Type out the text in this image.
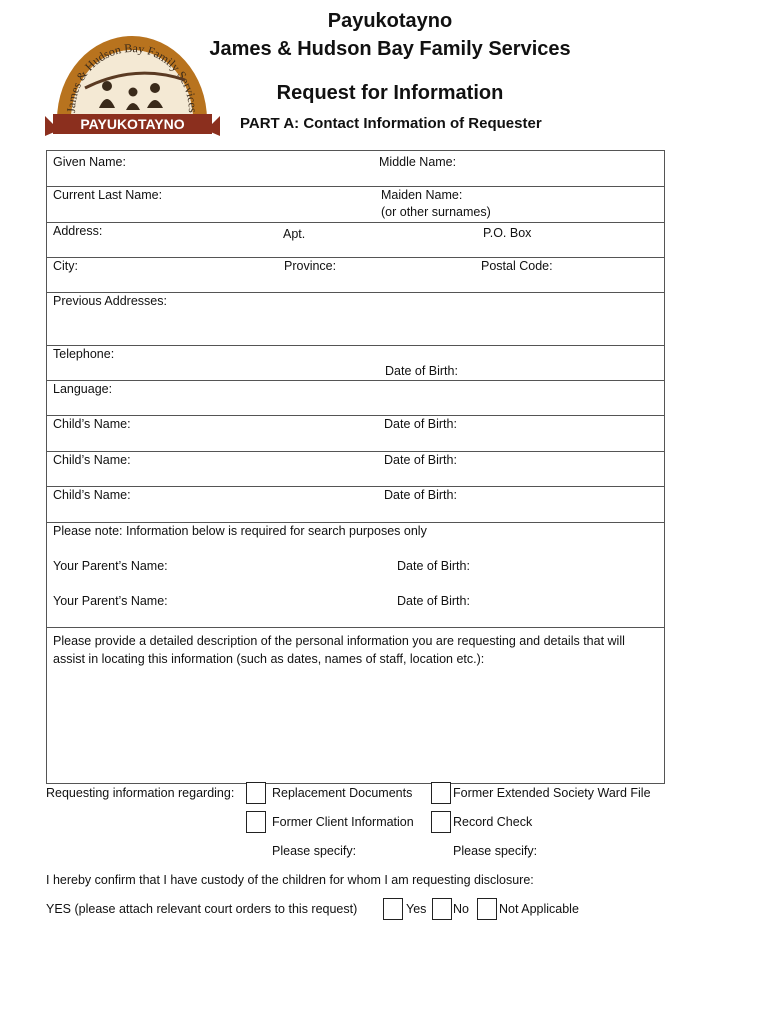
James & Hudson Bay Family Services
PAYUKOTAYNO
Payukotayno
James & Hudson Bay Family Services
Request for Information
PART A: Contact Information of Requester
Given Name:	Middle Name:
Current Last Name:	Maiden Name:
(or other surnames)
Address:	Apt.	P.O. Box
City:	Province:	Postal Code:
Previous Addresses:
Telephone:
Date of Birth:
Language:
Child’s Name:	Date of Birth:
Child’s Name:	Date of Birth:
Child’s Name:	Date of Birth:
Please note: Information below is required for search purposes only
Your Parent’s Name:	Date of Birth:
Your Parent’s Name:	Date of Birth:
Please provide a detailed description of the personal information you are requesting and details that will assist in locating this information (such as dates, names of staff, location etc.):
Requesting information regarding:	Replacement Documents	Former Extended Society Ward File
Former Client Information	Record Check
Please specify:	Please specify:
I hereby confirm that I have custody of the children for whom I am requesting disclosure:
YES (please attach relevant court orders to this request)	Yes No Not Applicable
